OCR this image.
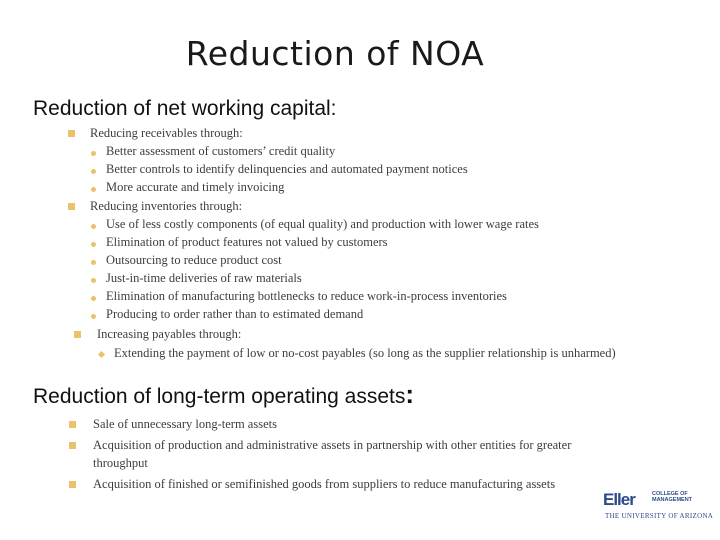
Reduction of NOA
Reduction of net working capital:
Reducing receivables through:
Better assessment of customers’ credit quality
Better controls to identify delinquencies and automated payment notices
More accurate and timely invoicing
Reducing inventories through:
Use of less costly components (of equal quality) and production with lower wage rates
Elimination of product features not valued by customers
Outsourcing to reduce product cost
Just-in-time deliveries of raw materials
Elimination of manufacturing bottlenecks to reduce work-in-process inventories
Producing to order rather than to estimated demand
Increasing payables through:
Extending the payment of low or no-cost payables (so long as the supplier relationship is unharmed)
Reduction of long-term operating assets:
Sale of unnecessary long-term assets
Acquisition of production and administrative assets in partnership with other entities for greater
throughput
Acquisition of finished or semifinished goods from suppliers to reduce manufacturing assets
Eller	COLLEGE OF MANAGEMENT
THE UNIVERSITY OF ARIZONA
